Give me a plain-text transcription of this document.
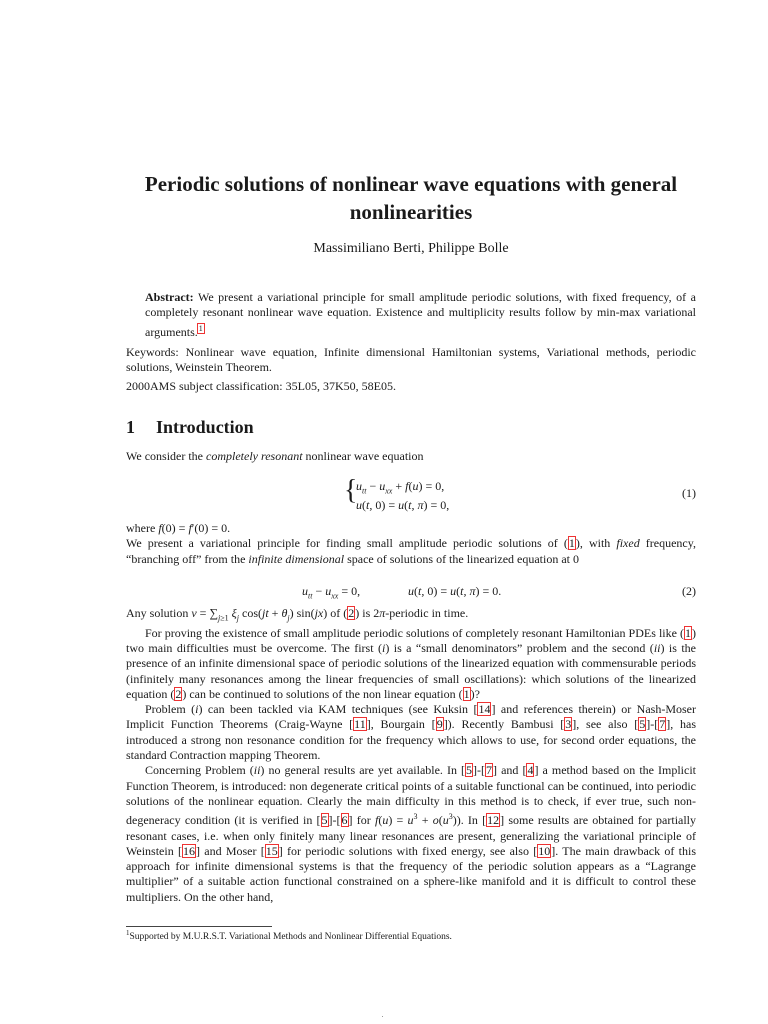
Periodic solutions of nonlinear wave equations with general nonlinearities
Massimiliano Berti, Philippe Bolle

Abstract: We present a variational principle for small amplitude periodic solutions, with fixed frequency, of a completely resonant nonlinear wave equation. Existence and multiplicity results follow by min-max variational arguments.$^1$

Keywords: Nonlinear wave equation, Infinite dimensional Hamiltonian systems, Variational methods, periodic solutions, Weinstein Theorem.

2000AMS subject classification: 35L05, 37K50, 58E05.

1 Introduction
We consider the completely resonant nonlinear wave equation
{
$u_{tt} - u_{xx} + f(u) = 0$,
u(t, 0) = u(t, π) = 0,
(1)

where f(0) = f′(0) = 0.

We present a variational principle for finding small amplitude periodic solutions of (1), with fixed frequency, “branching off” from the infinite dimensional space of solutions of the linearized equation at 0

$u_{tt} - u_{xx} = 0$,	u(t, 0) = u(t, π) = 0.	(2)

Any solution $v = \sum_{j\ge 1}$ $\xi_j$ $\cos(jt + \theta_j)$ sin(jx) of (2) is 2π-periodic in time.

For proving the existence of small amplitude periodic solutions of completely resonant Hamiltonian PDEs like (1) two main difficulties must be overcome. The first (i) is a “small denominators” problem and the second (ii) is the presence of an infinite dimensional space of periodic solutions of the linearized equation with commensurable periods (infinitely many resonances among the linear frequencies of small oscillations): which solutions of the linearized equation (2) can be continued to solutions of the non linear equation (1)?

Problem (i) can been tackled via KAM techniques (see Kuksin [14] and references therein) or Nash-Moser Implicit Function Theorems (Craig-Wayne [11], Bourgain [9]). Recently Bambusi [3], see also [5]-[7], has introduced a strong non resonance condition for the frequency which allows to use, for second order equations, the standard Contraction mapping Theorem.

Concerning Problem (ii) no general results are yet available. In [5]-[7] and [4] a method based on the Implicit Function Theorem, is introduced: non degenerate critical points of a suitable functional can be continued, into periodic solutions of the nonlinear equation. Clearly the main difficulty in this method is to check, if ever true, such non-degeneracy condition (it is verified in [5]-[6] for $f(u) = u^3 + o(u^3)$). In [12] some results are obtained for partially resonant cases, i.e. when only finitely many linear resonances are present, generalizing the variational principle of Weinstein [16] and Moser [15] for periodic solutions with fixed energy, see also [10]. The main drawback of this approach for infinite dimensional systems is that the frequency of the periodic solution appears as a “Lagrange multiplier” of a suitable action functional constrained on a sphere-like manifold and it is difficult to control these multipliers. On the other hand,

$^1$Supported by M.U.R.S.T. Variational Methods and Nonlinear Differential Equations.
